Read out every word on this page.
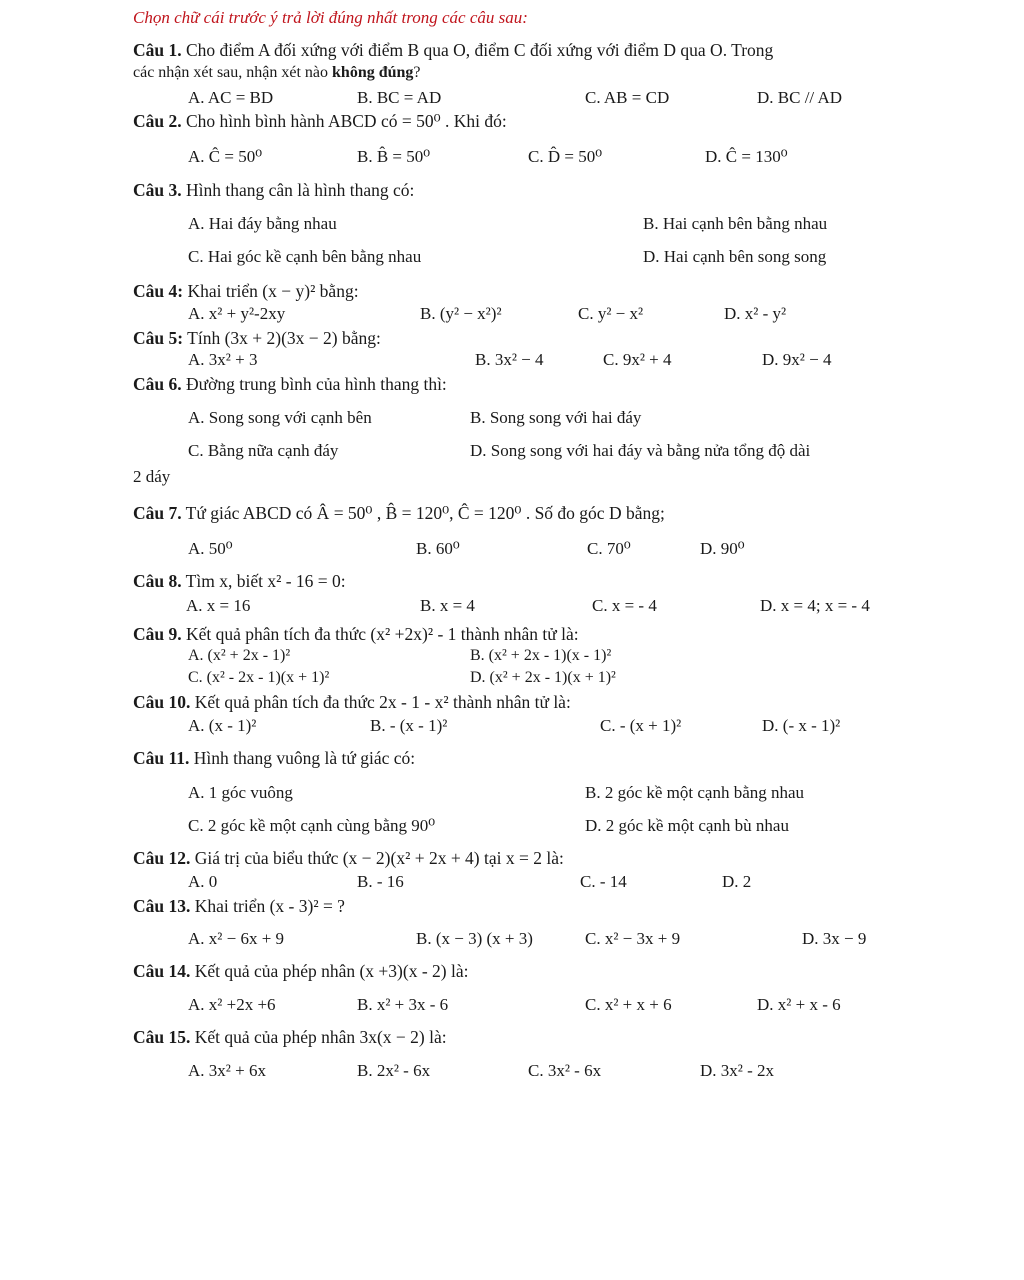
Chọn chữ cái trước ý trả lời đúng nhất trong các câu sau:
Câu 1. Cho điểm A đối xứng với điểm B qua O, điểm C đối xứng với điểm D qua O. Trong
các nhận xét sau, nhận xét nào không đúng?
A. AC = BD	B. BC = AD	C. AB = CD	D. BC // AD
Câu 2. Cho hình bình hành ABCD có = 50⁰ . Khi đó:
A. Ĉ = 50⁰	B. B̂ = 50⁰	C. D̂ = 50⁰	D. Ĉ = 130⁰
Câu 3. Hình thang cân là hình thang có:
A. Hai đáy bằng nhau	B. Hai cạnh bên bằng nhau
C. Hai góc kề cạnh bên bằng nhau	D. Hai cạnh bên song song
Câu 4: Khai triển (x − y)² bằng:
A. x² + y²-2xy	B. (y² − x²)²	C. y² − x²	D. x² - y²
Câu 5: Tính (3x + 2)(3x − 2) bằng:
A. 3x² + 3	B. 3x² − 4	C. 9x² + 4	D. 9x² − 4
Câu 6. Đường trung bình của hình thang thì:
A. Song song với cạnh bên	B. Song song với hai đáy
C. Bằng nữa cạnh đáy	D. Song song với hai đáy và bằng nửa tổng độ dài
2 dáy
Câu 7. Tứ giác ABCD có Â = 50⁰ , B̂ = 120⁰, Ĉ = 120⁰ . Số đo góc D bằng;
A. 50⁰	B. 60⁰	C. 70⁰	D. 90⁰
Câu 8. Tìm x, biết x² - 16 = 0:
A. x = 16	B. x = 4	C. x = - 4	D. x = 4; x = - 4
Câu 9. Kết quả phân tích đa thức (x² +2x)² - 1 thành nhân tử là:
A. (x² + 2x - 1)²	B. (x² + 2x - 1)(x - 1)²
C. (x² - 2x - 1)(x + 1)²	D. (x² + 2x - 1)(x + 1)²
Câu 10. Kết quả phân tích đa thức 2x - 1 - x² thành nhân tử là:
A. (x - 1)²	B. - (x - 1)²	C. - (x + 1)²	D. (- x - 1)²
Câu 11. Hình thang vuông là tứ giác có:
A. 1 góc vuông	B. 2 góc kề một cạnh bằng nhau
C. 2 góc kề một cạnh cùng bằng 90⁰	D. 2 góc kề một cạnh bù nhau
Câu 12. Giá trị của biểu thức (x − 2)(x² + 2x + 4) tại x = 2 là:
A. 0	B. - 16	C. - 14	D. 2
Câu 13. Khai triển (x - 3)² = ?
A. x² − 6x + 9	B. (x − 3) (x + 3)	C. x² − 3x + 9	D. 3x − 9
Câu 14. Kết quả của phép nhân (x +3)(x - 2) là:
A. x² +2x +6	B. x² + 3x - 6	C. x² + x + 6	D. x² + x - 6
Câu 15. Kết quả của phép nhân 3x(x − 2) là:
A. 3x² + 6x	B. 2x² - 6x	C. 3x² - 6x	D. 3x² - 2x
